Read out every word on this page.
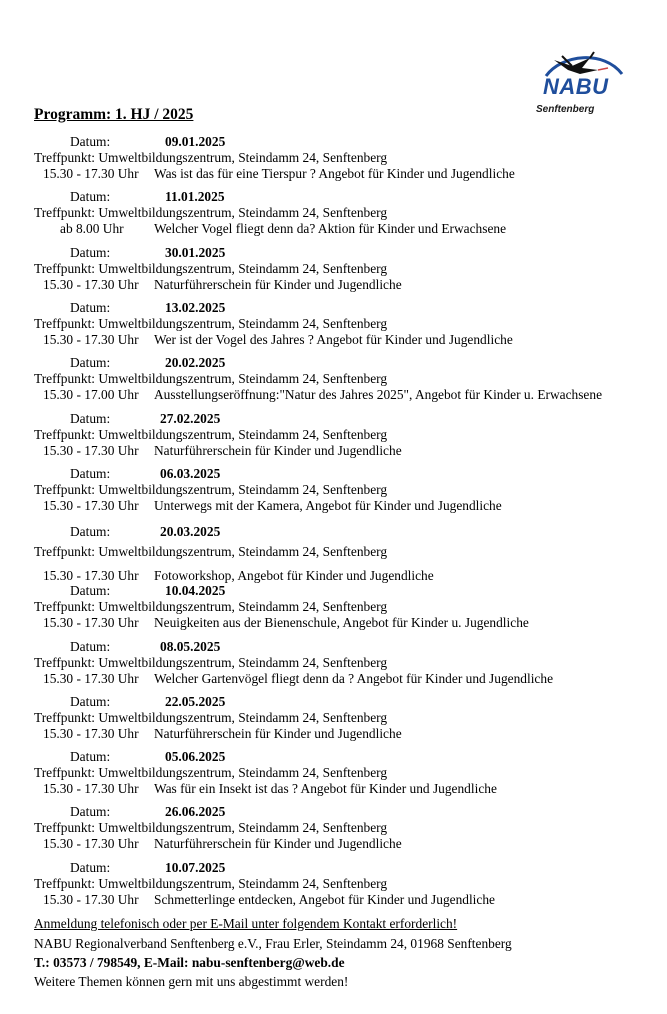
NABU
Senftenberg
Programm: 1. HJ / 2025
Datum:	09.01.2025
Treffpunkt: Umweltbildungszentrum, Steindamm 24, Senftenberg
15.30 - 17.30 Uhr Was ist das für eine Tierspur ? Angebot für Kinder und Jugendliche
Datum:	11.01.2025
Treffpunkt: Umweltbildungszentrum, Steindamm 24, Senftenberg
ab 8.00 Uhr Welcher Vogel fliegt denn da? Aktion für Kinder und Erwachsene
Datum:	30.01.2025
Treffpunkt: Umweltbildungszentrum, Steindamm 24, Senftenberg
15.30 - 17.30 Uhr Naturführerschein für Kinder und Jugendliche
Datum:	13.02.2025
Treffpunkt: Umweltbildungszentrum, Steindamm 24, Senftenberg
15.30 - 17.30 Uhr Wer ist der Vogel des Jahres ? Angebot für Kinder und Jugendliche
Datum:	20.02.2025
Treffpunkt: Umweltbildungszentrum, Steindamm 24, Senftenberg
15.30 - 17.00 Uhr Ausstellungseröffnung:"Natur des Jahres 2025", Angebot für Kinder u. Erwachsene
Datum:	27.02.2025
Treffpunkt: Umweltbildungszentrum, Steindamm 24, Senftenberg
15.30 - 17.30 Uhr Naturführerschein für Kinder und Jugendliche
Datum:	06.03.2025
Treffpunkt: Umweltbildungszentrum, Steindamm 24, Senftenberg
15.30 - 17.30 Uhr Unterwegs mit der Kamera, Angebot für Kinder und Jugendliche
Datum:	20.03.2025
Treffpunkt: Umweltbildungszentrum, Steindamm 24, Senftenberg
15.30 - 17.30 Uhr Fotoworkshop, Angebot für Kinder und Jugendliche
Datum:	10.04.2025
Treffpunkt: Umweltbildungszentrum, Steindamm 24, Senftenberg
15.30 - 17.30 Uhr Neuigkeiten aus der Bienenschule, Angebot für Kinder u. Jugendliche
Datum:	08.05.2025
Treffpunkt: Umweltbildungszentrum, Steindamm 24, Senftenberg
15.30 - 17.30 Uhr Welcher Gartenvögel fliegt denn da ? Angebot für Kinder und Jugendliche
Datum:	22.05.2025
Treffpunkt: Umweltbildungszentrum, Steindamm 24, Senftenberg
15.30 - 17.30 Uhr Naturführerschein für Kinder und Jugendliche
Datum:	05.06.2025
Treffpunkt: Umweltbildungszentrum, Steindamm 24, Senftenberg
15.30 - 17.30 Uhr Was für ein Insekt ist das ? Angebot für Kinder und Jugendliche
Datum:	26.06.2025
Treffpunkt: Umweltbildungszentrum, Steindamm 24, Senftenberg
15.30 - 17.30 Uhr Naturführerschein für Kinder und Jugendliche
Datum:	10.07.2025
Treffpunkt: Umweltbildungszentrum, Steindamm 24, Senftenberg
15.30 - 17.30 Uhr Schmetterlinge entdecken, Angebot für Kinder und Jugendliche
Anmeldung telefonisch oder per E-Mail unter folgendem Kontakt erforderlich!
NABU Regionalverband Senftenberg e.V., Frau Erler, Steindamm 24, 01968 Senftenberg
T.: 03573 / 798549, E-Mail: nabu-senftenberg@web.de
Weitere Themen können gern mit uns abgestimmt werden!
